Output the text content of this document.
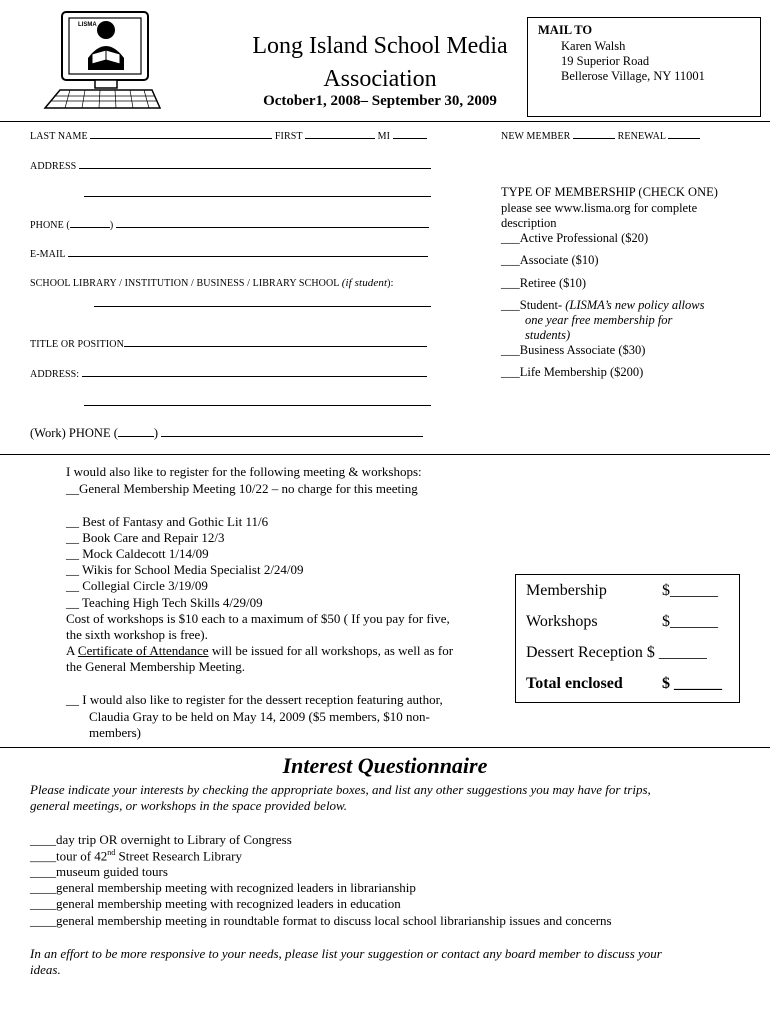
LISMA
Long Island School Media
Association
October1, 2008– September 30, 2009
MAIL TO
Karen Walsh
19 Superior Road
Bellerose Village, NY 11001
LAST NAME	FIRST	MI
ADDRESS
PHONE (	)
E-MAIL
SCHOOL LIBRARY / INSTITUTION / BUSINESS / LIBRARY SCHOOL (if student):
TITLE OR POSITION
ADDRESS:
(Work) PHONE (	)
NEW MEMBER	RENEWAL
TYPE OF MEMBERSHIP (CHECK ONE)
please see www.lisma.org for complete
description
___Active Professional ($20)
___Associate ($10)
___Retiree ($10)
___Student- (LISMA’s new policy allows
one year free membership for
students)
___Business Associate ($30)
___Life Membership ($200)
I would also like to register for the following meeting & workshops:
__General Membership Meeting 10/22 – no charge for this meeting
__ Best of Fantasy and Gothic Lit 11/6
__ Book Care and Repair 12/3
__ Mock Caldecott 1/14/09
__ Wikis for School Media Specialist 2/24/09
__ Collegial Circle 3/19/09
__ Teaching High Tech Skills 4/29/09
Cost of workshops is $10 each to a maximum of $50 ( If you pay for five,
the sixth workshop is free).
A Certificate of Attendance will be issued for all workshops, as well as for
the General Membership Meeting.
__ I would also like to register for the dessert reception featuring author,
Claudia Gray to be held on May 14, 2009 ($5 members, $10 non-
members)
Membership	$______
Workshops	$______
Dessert Reception $ ______
Total enclosed $ ______
Interest Questionnaire
Please indicate your interests by checking the appropriate boxes, and list any other suggestions you may have for trips,
general meetings, or workshops in the space provided below.
____day trip OR overnight to Library of Congress
____tour of 42nd Street Research Library
____museum guided tours
____general membership meeting with recognized leaders in librarianship
____general membership meeting with recognized leaders in education
____general membership meeting in roundtable format to discuss local school librarianship issues and concerns
In an effort to be more responsive to your needs, please list your suggestion or contact any board member to discuss your
ideas.
